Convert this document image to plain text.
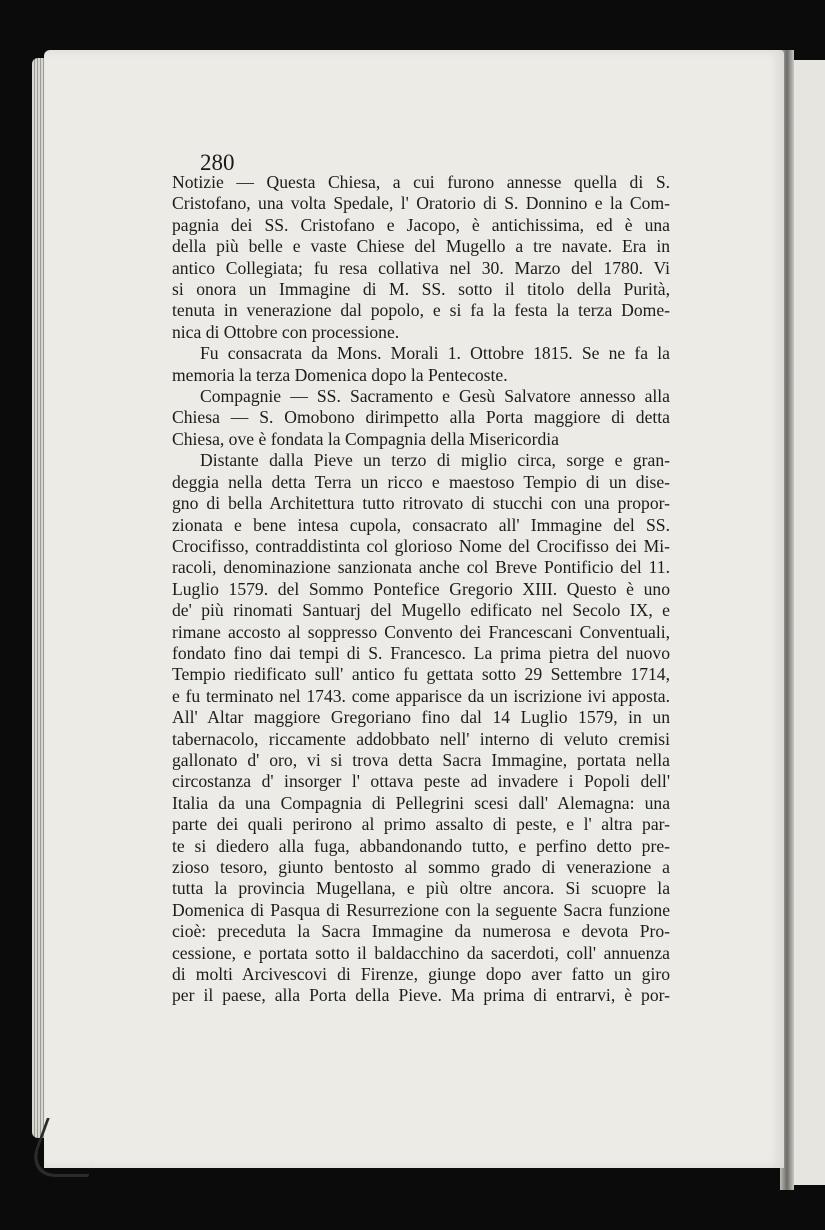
280
Notizie — Questa Chiesa, a cui furono annesse quella di S.
Cristofano, una volta Spedale, l' Oratorio di S. Donnino e la Com-
pagnia dei SS. Cristofano e Jacopo, è antichissima, ed è una
della più belle e vaste Chiese del Mugello a tre navate. Era in
antico Collegiata; fu resa collativa nel 30. Marzo del 1780. Vi
si onora un Immagine di M. SS. sotto il titolo della Purità,
tenuta in venerazione dal popolo, e si fa la festa la terza Dome-
nica di Ottobre con processione.
Fu consacrata da Mons. Morali 1. Ottobre 1815. Se ne fa la
memoria la terza Domenica dopo la Pentecoste.
Compagnie — SS. Sacramento e Gesù Salvatore annesso alla
Chiesa — S. Omobono dirimpetto alla Porta maggiore di detta
Chiesa, ove è fondata la Compagnia della Misericordia
Distante dalla Pieve un terzo di miglio circa, sorge e gran-
deggia nella detta Terra un ricco e maestoso Tempio di un dise-
gno di bella Architettura tutto ritrovato di stucchi con una propor-
zionata e bene intesa cupola, consacrato all' Immagine del SS.
Crocifisso, contraddistinta col glorioso Nome del Crocifisso dei Mi-
racoli, denominazione sanzionata anche col Breve Pontificio del 11.
Luglio 1579. del Sommo Pontefice Gregorio XIII. Questo è uno
de' più rinomati Santuarj del Mugello edificato nel Secolo IX, e
rimane accosto al soppresso Convento dei Francescani Conventuali,
fondato fino dai tempi di S. Francesco. La prima pietra del nuovo
Tempio riedificato sull' antico fu gettata sotto 29 Settembre 1714,
e fu terminato nel 1743. come apparisce da un iscrizione ivi apposta.
All' Altar maggiore Gregoriano fino dal 14 Luglio 1579, in un
tabernacolo, riccamente addobbato nell' interno di veluto cremisi
gallonato d' oro, vi si trova detta Sacra Immagine, portata nella
circostanza d' insorger l' ottava peste ad invadere i Popoli dell'
Italia da una Compagnia di Pellegrini scesi dall' Alemagna: una
parte dei quali perirono al primo assalto di peste, e l' altra par-
te si diedero alla fuga, abbandonando tutto, e perfino detto pre-
zioso tesoro, giunto bentosto al sommo grado di venerazione a
tutta la provincia Mugellana, e più oltre ancora. Si scuopre la
Domenica di Pasqua di Resurrezione con la seguente Sacra funzione
cioè: preceduta la Sacra Immagine da numerosa e devota Pro-
cessione, e portata sotto il baldacchino da sacerdoti, coll' annuenza
di molti Arcivescovi di Firenze, giunge dopo aver fatto un giro
per il paese, alla Porta della Pieve. Ma prima di entrarvi, è por-
